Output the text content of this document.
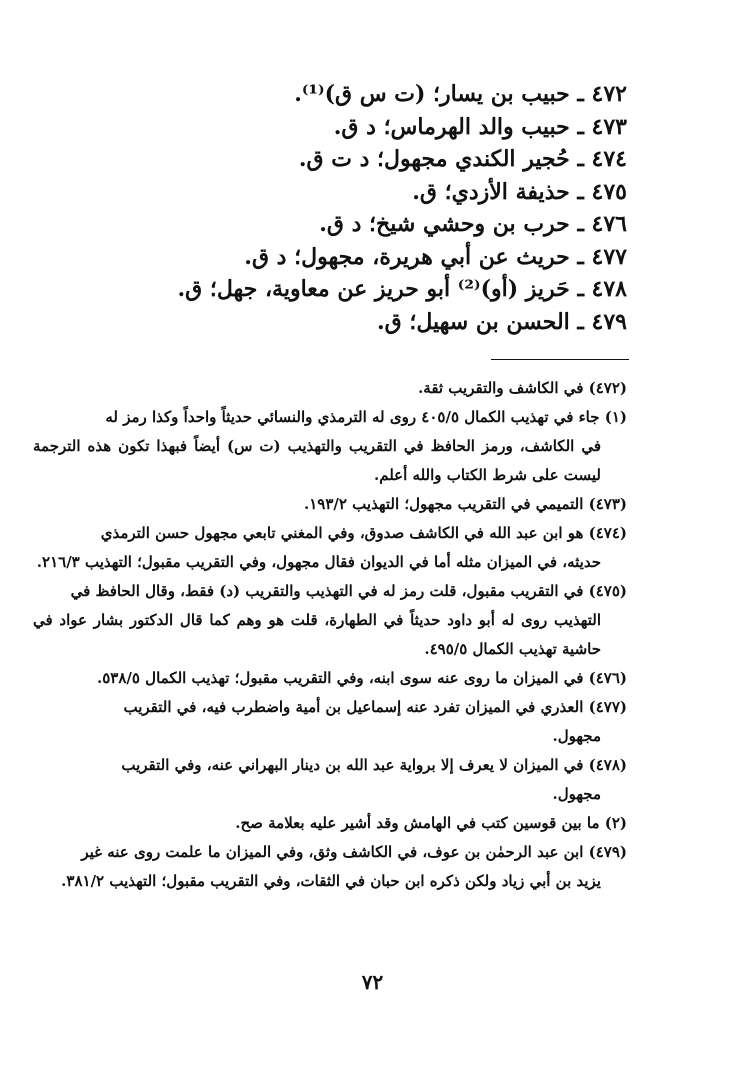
٤٧٢ ـ حبيب بن يسار؛ (ت س ق)⁽¹⁾.
٤٧٣ ـ حبيب والد الهرماس؛ د ق.
٤٧٤ ـ حُجير الكندي مجهول؛ د ت ق.
٤٧٥ ـ حذيفة الأزدي؛ ق.
٤٧٦ ـ حرب بن وحشي شيخ؛ د ق.
٤٧٧ ـ حريث عن أبي هريرة، مجهول؛ د ق.
٤٧٨ ـ حَريز (أو)⁽²⁾ أبو حريز عن معاوية، جهل؛ ق.
٤٧٩ ـ الحسن بن سهيل؛ ق.
(٤٧٢) في الكاشف والتقريب ثقة.
(١) جاء في تهذيب الكمال ٤٠٥/٥ روى له الترمذي والنسائي حديثاً واحداً وكذا رمز له
في الكاشف، ورمز الحافظ في التقريب والتهذيب (ت س) أيضاً فبهذا تكون هذه الترجمة ليست على شرط الكتاب والله أعلم.
(٤٧٣) التميمي في التقريب مجهول؛ التهذيب ١٩٣/٢.
(٤٧٤) هو ابن عبد الله في الكاشف صدوق، وفي المغني تابعي مجهول حسن الترمذي
حديثه، في الميزان مثله أما في الديوان فقال مجهول، وفي التقريب مقبول؛ التهذيب ٢١٦/٣.
(٤٧٥) في التقريب مقبول، قلت رمز له في التهذيب والتقريب (د) فقط، وقال الحافظ في
التهذيب روى له أبو داود حديثاً في الطهارة، قلت هو وهم كما قال الدكتور بشار عواد في حاشية تهذيب الكمال ٤٩٥/٥.
(٤٧٦) في الميزان ما روى عنه سوى ابنه، وفي التقريب مقبول؛ تهذيب الكمال ٥٣٨/٥.
(٤٧٧) العذري في الميزان تفرد عنه إسماعيل بن أمية واضطرب فيه، في التقريب
مجهول.
(٤٧٨) في الميزان لا يعرف إلا برواية عبد الله بن دينار البهراني عنه، وفي التقريب
مجهول.
(٢) ما بين قوسين كتب في الهامش وقد أشير عليه بعلامة صح.
(٤٧٩) ابن عبد الرحمٰن بن عوف، في الكاشف وثق، وفي الميزان ما علمت روى عنه غير
يزيد بن أبي زياد ولكن ذكره ابن حبان في الثقات، وفي التقريب مقبول؛ التهذيب ٣٨١/٢.
٧٢
